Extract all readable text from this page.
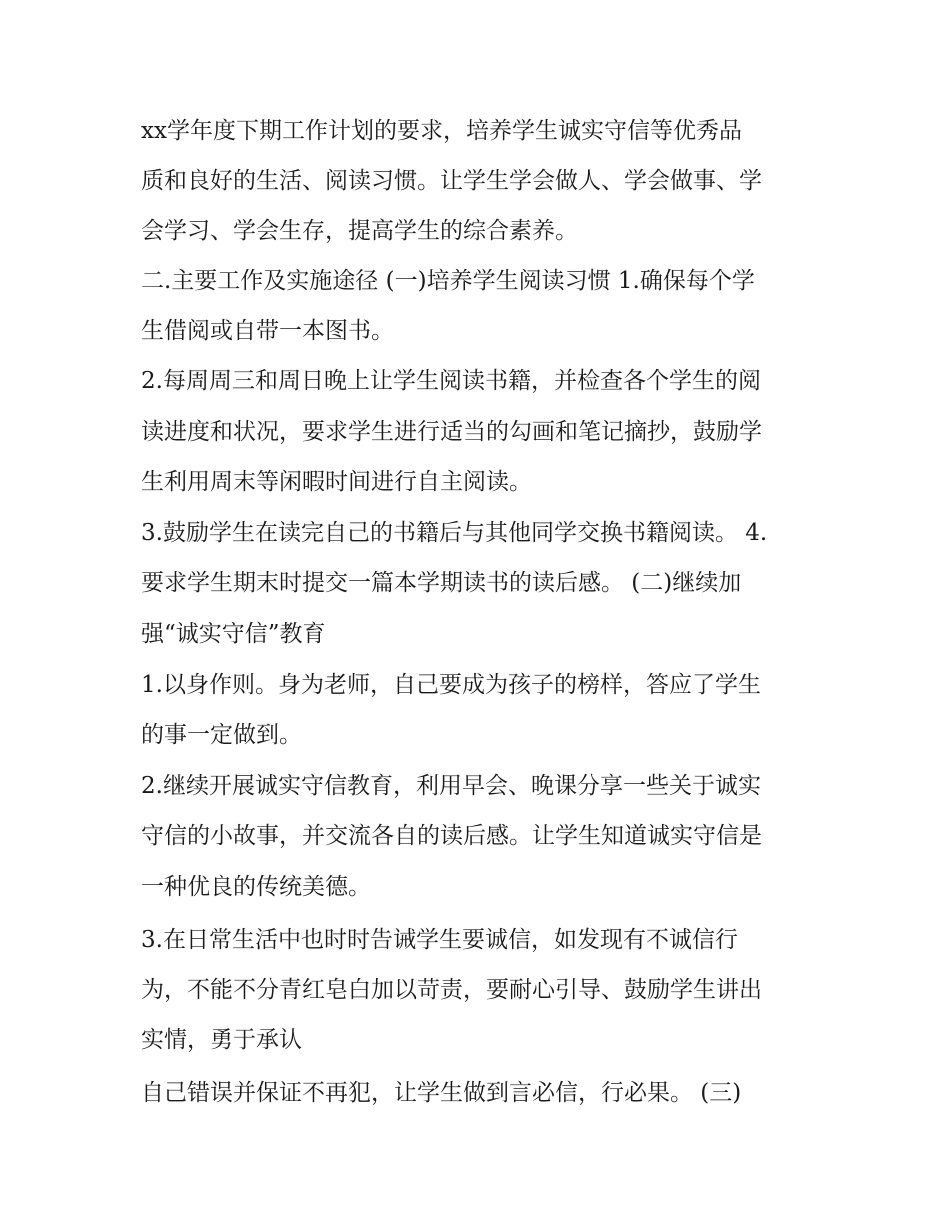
xx学年度下期工作计划的要求，培养学生诚实守信等优秀品
质和良好的生活、阅读习惯。让学生学会做人、学会做事、学
会学习、学会生存，提高学生的综合素养。
二.主要工作及实施途径 (一)培养学生阅读习惯 1.确保每个学
生借阅或自带一本图书。
2.每周周三和周日晚上让学生阅读书籍，并检查各个学生的阅
读进度和状况，要求学生进行适当的勾画和笔记摘抄，鼓励学
生利用周末等闲暇时间进行自主阅读。
3.鼓励学生在读完自己的书籍后与其他同学交换书籍阅读。 4.
要求学生期末时提交一篇本学期读书的读后感。 (二)继续加
强“诚实守信”教育
1.以身作则。身为老师，自己要成为孩子的榜样，答应了学生
的事一定做到。
2.继续开展诚实守信教育，利用早会、晚课分享一些关于诚实
守信的小故事，并交流各自的读后感。让学生知道诚实守信是
一种优良的传统美德。
3.在日常生活中也时时告诫学生要诚信，如发现有不诚信行
为，不能不分青红皂白加以苛责，要耐心引导、鼓励学生讲出
实情，勇于承认
自己错误并保证不再犯，让学生做到言必信，行必果。 (三)
